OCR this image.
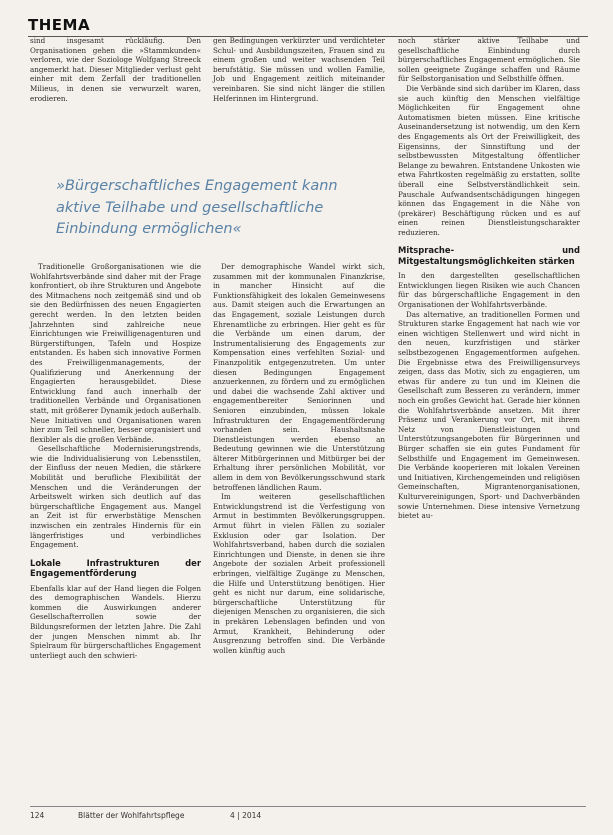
THEMA

sind insgesamt rückläufig. Den Organisationen gehen die »Stammkunden« verloren, wie der Soziologe Wolfgang Streeck angemerkt hat. Dieser Mitglieder verlust geht einher mit dem Zerfall der traditionellen Milieus, in denen sie verwurzelt waren, erodieren.

gen Bedingungen verkürzter und verdichteter Schul- und Ausbildungszeiten, Frauen sind zu einem großen und weiter wachsenden Teil berufstätig. Sie müssen und wollen Familie, Job und Engagement zeitlich miteinander vereinbaren. Sie sind nicht länger die stillen Helferinnen im Hintergrund.

»Bürgerschaftliches Engagement kann aktive Teilhabe und gesellschaftliche Einbindung ermöglichen«

Traditionelle Großorganisationen wie die Wohlfahrtsverbände sind daher mit der Frage konfrontiert, ob ihre Strukturen und Angebote des Mitmachens noch zeitgemäß sind und ob sie den Bedürfnissen des neuen Engagierten gerecht werden. In den letzten beiden Jahrzehnten sind zahlreiche neue Einrichtungen wie Freiwilligenagenturen und Bürgerstiftungen, Tafeln und Hospize entstanden. Es haben sich innovative Formen des Freiwilligenmanagements, der Qualifizierung und Anerkennung der Engagierten herausgebildet. Diese Entwicklung fand auch innerhalb der traditionellen Verbände und Organisationen statt, mit größerer Dynamik jedoch außerhalb. Neue Initiativen und Organisationen waren hier zum Teil schneller, besser organisiert und flexibler als die großen Verbände.

Gesellschaftliche Modernisierungstrends, wie die Individualisierung von Lebensstilen, der Einfluss der neuen Medien, die stärkere Mobilität und berufliche Flexibilität der Menschen und die Veränderungen der Arbeitswelt wirken sich deutlich auf das bürgerschaftliche Engagement aus. Mangel an Zeit ist für erwerbstätige Menschen inzwischen ein zentrales Hindernis für ein längerfristiges und verbindliches Engagement.

Lokale Infrastrukturen der Engagementförderung

Ebenfalls klar auf der Hand liegen die Folgen des demographischen Wandels. Hierzu kommen die Auswirkungen anderer Gesellschafterrollen sowie der Bildungsreformen der letzten Jahre. Die Zahl der jungen Menschen nimmt ab. Ihr Spielraum für bürgerschaftliches Engagement unterliegt auch den schwieri-

Der demographische Wandel wirkt sich, zusammen mit der kommunalen Finanzkrise, in mancher Hinsicht auf die Funktionsfähigkeit des lokalen Gemeinwesens aus. Damit steigen auch die Erwartungen an das Engagement, soziale Leistungen durch Ehrenamtliche zu erbringen. Hier geht es für die Verbände um einen darum, der Instrumentalisierung des Engagements zur Kompensation eines verfehlten Sozial- und Finanzpolitik entgegenzutreten. Um unter diesen Bedingungen Engagement anzuerkennen, zu fördern und zu ermöglichen und dabei die wachsende Zahl aktiver und engagementbereiter Seniorinnen und Senioren einzubinden, müssen lokale Infrastrukturen der Engagementförderung vorhanden sein. Haushaltsnahe Dienstleistungen werden ebenso an Bedeutung gewinnen wie die Unterstützung älterer Mitbürgerinnen und Mitbürger bei der Erhaltung ihrer persönlichen Mobilität, vor allem in dem von Bevölkerungsschwund stark betroffenen ländlichen Raum.

Im weiteren gesellschaftlichen Entwicklungstrend ist die Verfestigung von Armut in bestimmten Bevölkerungsgruppen. Armut führt in vielen Fällen zu sozialer Exklusion oder gar Isolation. Der Wohlfahrtsverband, haben durch die sozialen Einrichtungen und Dienste, in denen sie ihre Angebote der sozialen Arbeit professionell erbringen, vielfältige Zugänge zu Menschen, die Hilfe und Unterstützung benötigen. Hier geht es nicht nur darum, eine solidarische, bürgerschaftliche Unterstützung für diejenigen Menschen zu organisieren, die sich in prekären Lebenslagen befinden und von Armut, Krankheit, Behinderung oder Ausgrenzung betroffen sind. Die Verbände wollen künftig auch

noch stärker aktive Teilhabe und gesellschaftliche Einbindung durch bürgerschaftliches Engagement ermöglichen. Sie sollen geeignete Zugänge schaffen und Räume für Selbstorganisation und Selbsthilfe öffnen.

Die Verbände sind sich darüber im Klaren, dass sie auch künftig den Menschen vielfältige Möglichkeiten für Engagement ohne Automatismen bieten müssen. Eine kritische Auseinandersetzung ist notwendig, um den Kern des Engagements als Ort der Freiwilligkeit, des Eigensinns, der Sinnstiftung und der selbstbewussten Mitgestaltung öffentlicher Belange zu bewahren. Entstandene Unkosten wie etwa Fahrtkosten regelmäßig zu erstatten, sollte überall eine Selbstverständlichkeit sein. Pauschale Aufwandsentschädigungen hingegen können das Engagement in die Nähe von (prekärer) Beschäftigung rücken und es auf einen reinen Dienstleistungscharakter reduzieren.

Mitsprache- und Mitgestaltungsmöglichkeiten stärken

In den dargestellten gesellschaftlichen Entwicklungen liegen Risiken wie auch Chancen für das bürgerschaftliche Engagement in den Organisationen der Wohlfahrtsverbände.

Das alternative, an traditionellen Formen und Strukturen starke Engagement hat nach wie vor einen wichtigen Stellenwert und wird nicht in den neuen, kurzfristigen und stärker selbstbezogenen Engagementformen aufgehen. Die Ergebnisse etwa des Freiwilligensurveys zeigen, dass das Motiv, sich zu engagieren, um etwas für andere zu tun und im Kleinen die Gesellschaft zum Besseren zu verändern, immer noch ein großes Gewicht hat. Gerade hier können die Wohlfahrtsverbände ansetzen. Mit ihrer Präsenz und Verankerung vor Ort, mit ihrem Netz von Dienstleistungen und Unterstützungsangeboten für Bürgerinnen und Bürger schaffen sie ein gutes Fundament für Selbsthilfe und Engagement im Gemeinwesen. Die Verbände kooperieren mit lokalen Vereinen und Initiativen, Kirchengemeinden und religiösen Gemeinschaften, Migrantenorganisationen, Kulturvereinigungen, Sport- und Dachverbänden sowie Unternehmen. Diese intensive Vernetzung bietet au-

124	Blätter der Wohlfahrtspflege	4 | 2014
